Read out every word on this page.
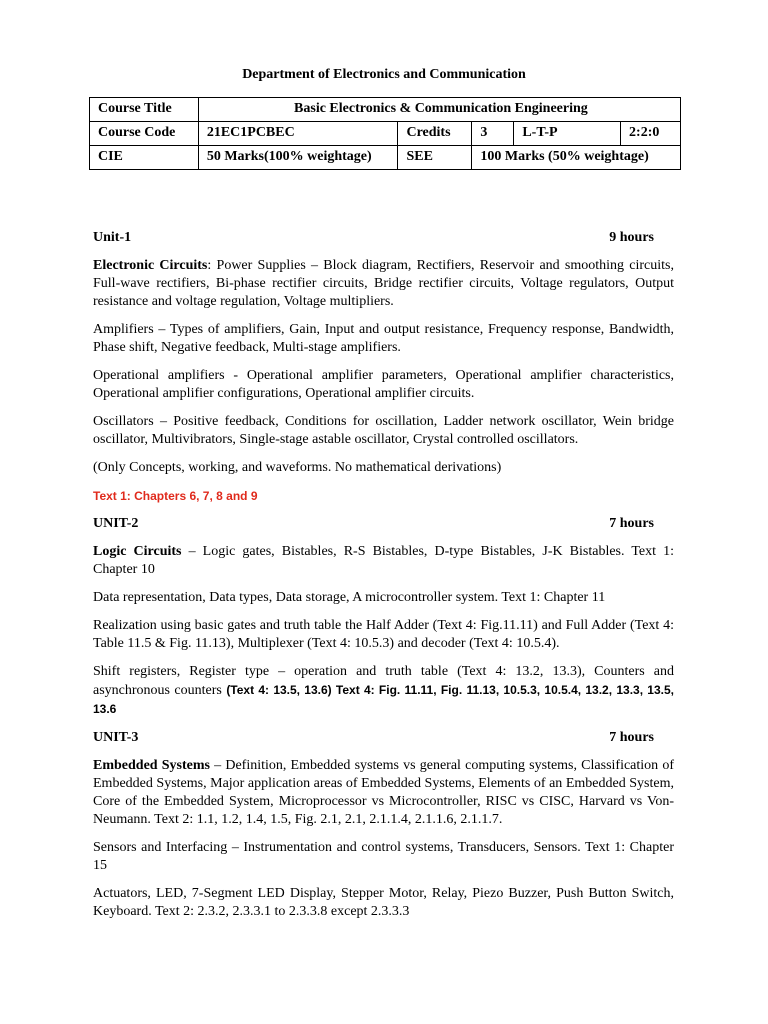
Department of Electronics and Communication
Course Title	Basic Electronics & Communication Engineering				
Course Code	21EC1PCBEC	Credits	3	L-T-P	2:2:0
CIE	50 Marks(100% weightage)	SEE	100 Marks (50% weightage)		
Unit-1	9 hours

Electronic Circuits: Power Supplies – Block diagram, Rectifiers, Reservoir and smoothing circuits, Full-wave rectifiers, Bi-phase rectifier circuits, Bridge rectifier circuits, Voltage regulators, Output resistance and voltage regulation, Voltage multipliers.

Amplifiers – Types of amplifiers, Gain, Input and output resistance, Frequency response, Bandwidth, Phase shift, Negative feedback, Multi-stage amplifiers.

Operational amplifiers - Operational amplifier parameters, Operational amplifier characteristics, Operational amplifier configurations, Operational amplifier circuits.

Oscillators – Positive feedback, Conditions for oscillation, Ladder network oscillator, Wein bridge oscillator, Multivibrators, Single-stage astable oscillator, Crystal controlled oscillators.

(Only Concepts, working, and waveforms. No mathematical derivations)

Text 1: Chapters 6, 7, 8 and 9

UNIT-2	7 hours

Logic Circuits – Logic gates, Bistables, R-S Bistables, D-type Bistables, J-K Bistables. Text 1: Chapter 10

Data representation, Data types, Data storage, A microcontroller system. Text 1: Chapter 11

Realization using basic gates and truth table the Half Adder (Text 4: Fig.11.11) and Full Adder (Text 4: Table 11.5 & Fig. 11.13), Multiplexer (Text 4: 10.5.3) and decoder (Text 4: 10.5.4).

Shift registers, Register type – operation and truth table (Text 4: 13.2, 13.3), Counters and asynchronous counters (Text 4: 13.5, 13.6) Text 4: Fig. 11.11, Fig. 11.13, 10.5.3, 10.5.4, 13.2, 13.3, 13.5, 13.6

UNIT-3	7 hours

Embedded Systems – Definition, Embedded systems vs general computing systems, Classification of Embedded Systems, Major application areas of Embedded Systems, Elements of an Embedded System, Core of the Embedded System, Microprocessor vs Microcontroller, RISC vs CISC, Harvard vs Von-Neumann. Text 2: 1.1, 1.2, 1.4, 1.5, Fig. 2.1, 2.1, 2.1.1.4, 2.1.1.6, 2.1.1.7.

Sensors and Interfacing – Instrumentation and control systems, Transducers, Sensors. Text 1: Chapter 15

Actuators, LED, 7-Segment LED Display, Stepper Motor, Relay, Piezo Buzzer, Push Button Switch, Keyboard. Text 2: 2.3.2, 2.3.3.1 to 2.3.3.8 except 2.3.3.3
